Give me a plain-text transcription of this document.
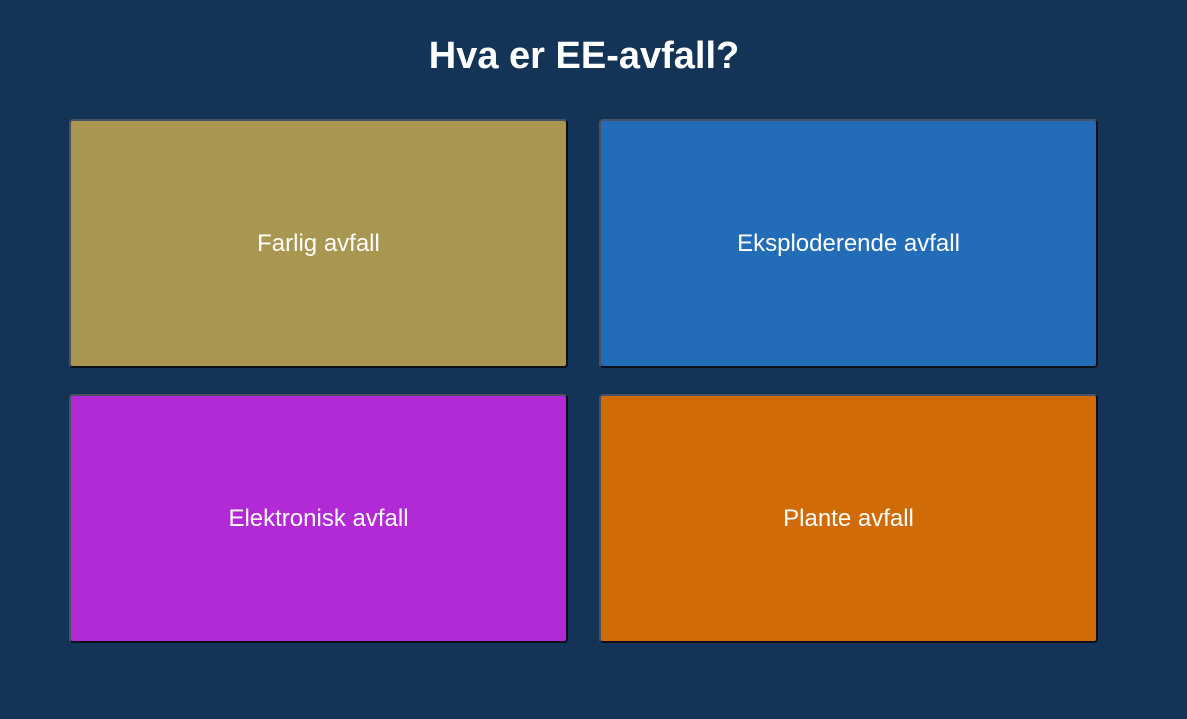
Hva er EE-avfall?
Farlig avfall	Eksploderende avfall
Elektronisk avfall	Plante avfall
